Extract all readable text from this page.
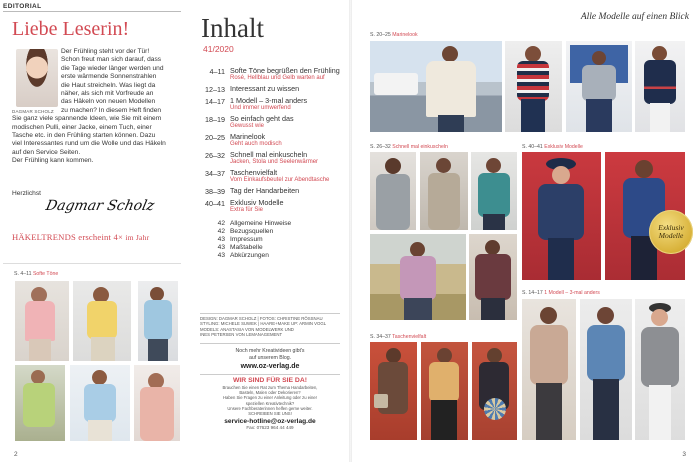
EDITORIAL
Liebe Leserin!
DAGMAR SCHOLZ
Der Frühling steht vor der Tür!
Schon freut man sich darauf, dass
die Tage wieder länger werden und
erste wärmende Sonnenstrahlen
die Haut streicheln. Was liegt da
näher, als sich mit Vorfreude an
das Häkeln von neuen Modellen
zu machen? In diesem Heft finden
Sie ganz viele spannende Ideen, wie Sie mit einem
modischen Pulli, einer Jacke, einem Tuch, einer
Tasche etc. in den Frühling starten können. Dazu
viel Interessantes rund um die Wolle und das Häkeln
auf den Service Seiten.
Der Frühling kann kommen.
Herzlichst
Dagmar Scholz
HÄKELTRENDS erscheint 4× im Jahr
S. 4–11 Softe Töne
2
Inhalt
41/2020
4–11 Softe Töne begrüßen den Frühling
Rosé, Hellblau und Gelb warten auf
12–13 Interessant zu wissen
14–17 1 Modell – 3-mal anders
Und immer umwerfend
18–19 So einfach geht das
Gewusst wie
20–25 Marinelook
Geht auch modisch
26–32 Schnell mal einkuscheln
Jacken, Stola und Seelenwärmer
34–37 Taschenvielfalt
Vom Einkaufsbeutel zur Abendtasche
38–39 Tag der Handarbeiten
40–41 Exklusiv Modelle
Extra für Sie
42 Allgemeine Hinweise
42 Bezugsquellen
43 Impressum
43 Maßtabelle
43 Abkürzungen
DESIGN: DAGMAR SCHOLZ | FOTOS: CHRISTINE RÖSSNAU
STYLING: MICHELE SUWEK | HAARE+MAKE UP: ARMIN VOGL
MODELS: ANASTASIA VON MODELWERK UND
INES PETERSEN VON LEMANAGEMENT
Noch mehr Kreativideen gibt's
auf unserem Blog.
www.oz-verlag.de
WIR SIND FÜR SIE DA!
Brauchen Sie einen Rat zum Thema Handarbeiten,
Basteln, Malen oder Dekorieren?
Haben Sie Fragen zu einer Anleitung oder zu einer
speziellen Kreativtechnik?
Unsere Fachberaterinnen helfen gerne weiter.
SCHREIBEN SIE UNS!
service-hotline@oz-verlag.de
Fax: 07623 964 44 449
Alle Modelle auf einen Blick
S. 20–25 Marinelook
S. 26–32 Schnell mal einkuscheln	S. 40–41 Exklusiv Modelle
Exklusiv
Modelle
S. 34–37 Taschenvielfalt
S. 14–17 1 Modell – 3-mal anders
3
